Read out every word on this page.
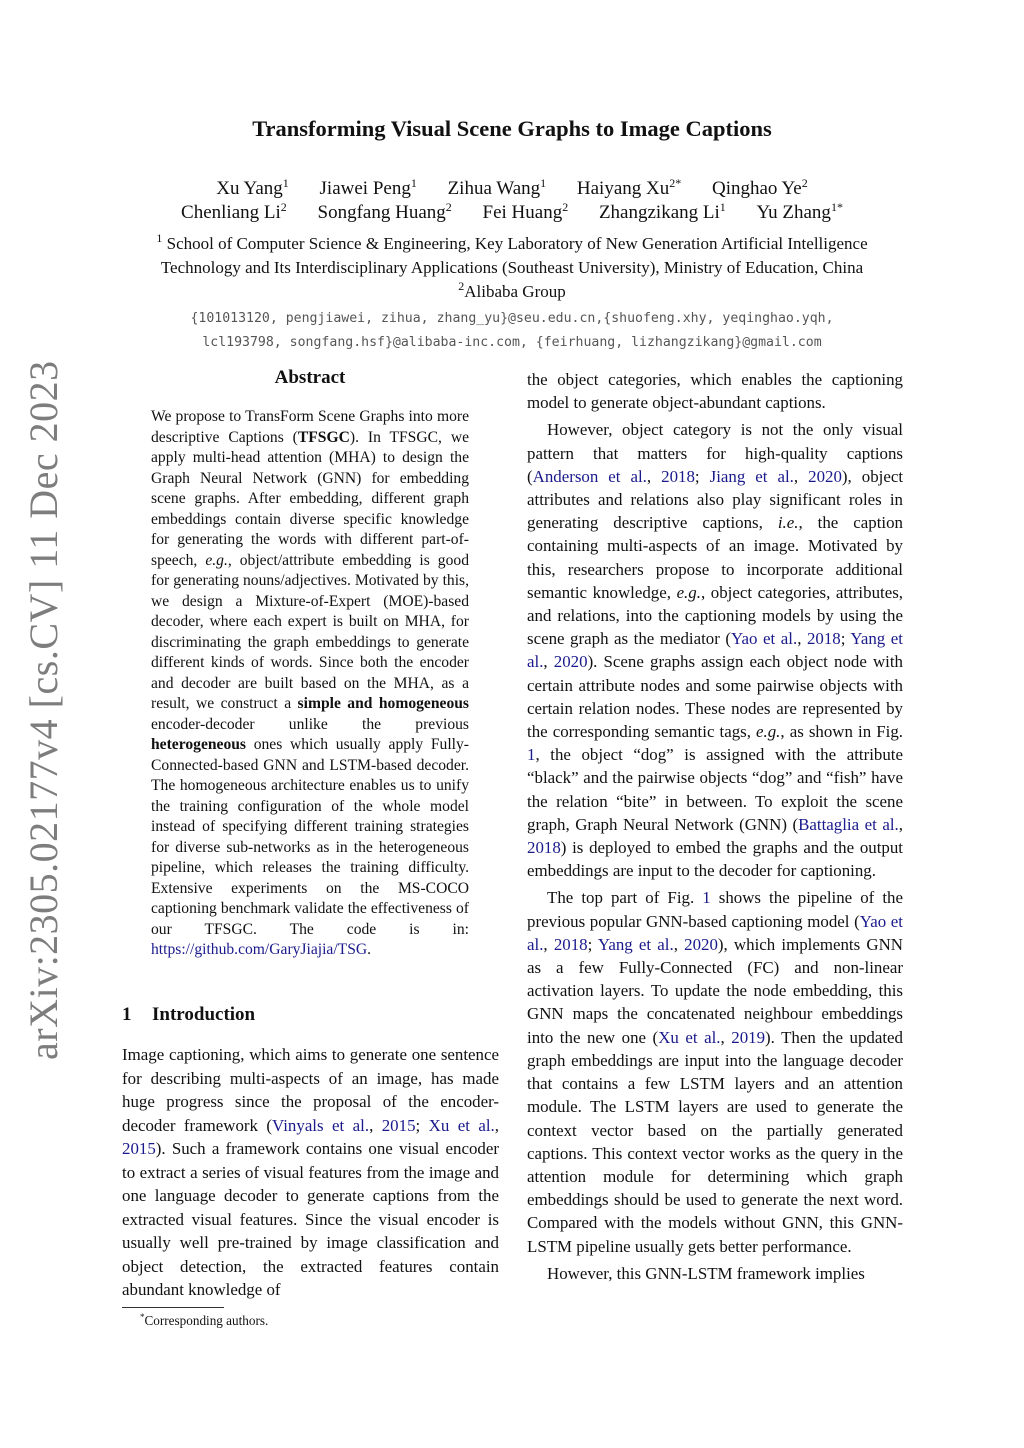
arXiv:2305.02177v4 [cs.CV] 11 Dec 2023
Transforming Visual Scene Graphs to Image Captions
Xu Yang$^1$ Jiawei Peng$^1$ Zihua Wang$^1$ Haiyang $Xu^{2*}$ Qinghao Ye$^2$
Chenliang Li$^2$ Songfang Huang$^2$ Fei Huang$^2$ Zhangzikang Li$^1$ Yu Zhang$^{1*}$
$^1$ School of Computer Science & Engineering, Key Laboratory of New Generation Artificial Intelligence
Technology and Its Interdisciplinary Applications (Southeast University), Ministry of Education, China
$^2$Alibaba Group
{101013120, pengjiawei, zihua, zhang_yu}@seu.edu.cn,{shuofeng.xhy, yeqinghao.yqh,
lcl193798, songfang.hsf}@alibaba-inc.com, {feirhuang, lizhangzikang}@gmail.com
Abstract
We propose to TransForm Scene Graphs into more descriptive Captions (TFSGC). In TFSGC, we apply multi-head attention (MHA) to design the Graph Neural Network (GNN) for embedding scene graphs. After embedding, different graph embeddings contain diverse specific knowledge for generating the words with different part-of-speech, e.g., object/attribute embedding is good for generating nouns/adjectives. Motivated by this, we design a Mixture-of-Expert (MOE)-based decoder, where each expert is built on MHA, for discriminating the graph embeddings to generate different kinds of words. Since both the encoder and decoder are built based on the MHA, as a result, we construct a simple and homogeneous encoder-decoder unlike the previous heterogeneous ones which usually apply Fully-Connected-based GNN and LSTM-based decoder. The homogeneous architecture enables us to unify the training configuration of the whole model instead of specifying different training strategies for diverse sub-networks as in the heterogeneous pipeline, which releases the training difficulty. Extensive experiments on the MS-COCO captioning benchmark validate the effectiveness of our TFSGC. The code is in: https://github.com/GaryJiajia/TSG.
1 Introduction
Image captioning, which aims to generate one sentence for describing multi-aspects of an image, has made huge progress since the proposal of the encoder-decoder framework (Vinyals et al., 2015; Xu et al., 2015). Such a framework contains one visual encoder to extract a series of visual features from the image and one language decoder to generate captions from the extracted visual features. Since the visual encoder is usually well pre-trained by image classification and object detection, the extracted features contain abundant knowledge of
*Corresponding authors.

the object categories, which enables the captioning model to generate object-abundant captions.

However, object category is not the only visual pattern that matters for high-quality captions (Anderson et al., 2018; Jiang et al., 2020), object attributes and relations also play significant roles in generating descriptive captions, i.e., the caption containing multi-aspects of an image. Motivated by this, researchers propose to incorporate additional semantic knowledge, e.g., object categories, attributes, and relations, into the captioning models by using the scene graph as the mediator (Yao et al., 2018; Yang et al., 2020). Scene graphs assign each object node with certain attribute nodes and some pairwise objects with certain relation nodes. These nodes are represented by the corresponding semantic tags, e.g., as shown in Fig. 1, the object “dog” is assigned with the attribute “black” and the pairwise objects “dog” and “fish” have the relation “bite” in between. To exploit the scene graph, Graph Neural Network (GNN) (Battaglia et al., 2018) is deployed to embed the graphs and the output embeddings are input to the decoder for captioning.

The top part of Fig. 1 shows the pipeline of the previous popular GNN-based captioning model (Yao et al., 2018; Yang et al., 2020), which implements GNN as a few Fully-Connected (FC) and non-linear activation layers. To update the node embedding, this GNN maps the concatenated neighbour embeddings into the new one (Xu et al., 2019). Then the updated graph embeddings are input into the language decoder that contains a few LSTM layers and an attention module. The LSTM layers are used to generate the context vector based on the partially generated captions. This context vector works as the query in the attention module for determining which graph embeddings should be used to generate the next word. Compared with the models without GNN, this GNN-LSTM pipeline usually gets better performance.

However, this GNN-LSTM framework implies
